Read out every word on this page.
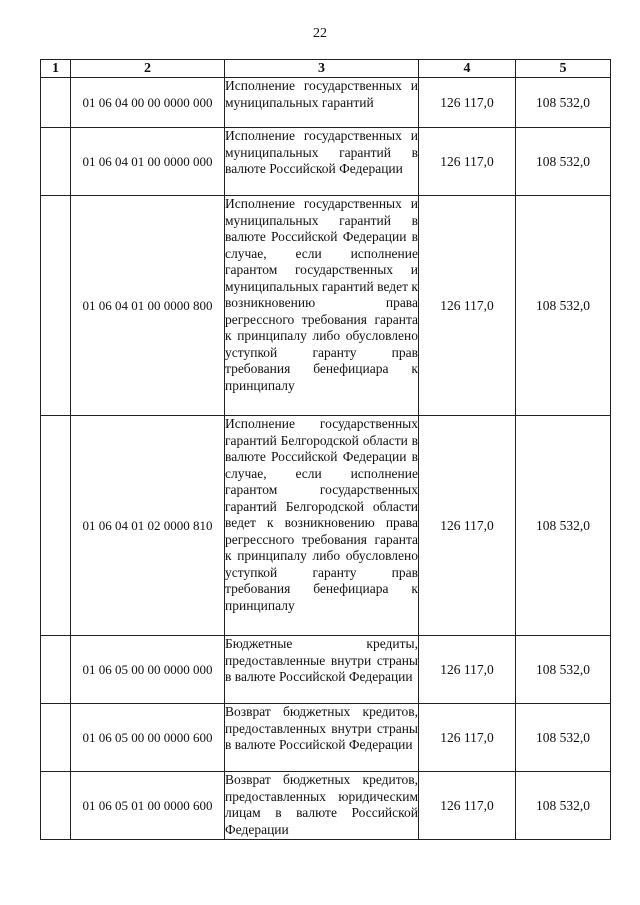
22
1	2	3	4	5
	01 06 04 00 00 0000 000	Исполнение государственных и муниципальных гарантий	126 117,0	108 532,0
	01 06 04 01 00 0000 000	Исполнение государственных и муниципальных гарантий в валюте Российской Федерации	126 117,0	108 532,0
	01 06 04 01 00 0000 800	Исполнение государственных и муниципальных гарантий в валюте Российской Федерации в случае, если исполнение гарантом государственных и муниципальных гарантий ведет к возникновению права регрессного требования гаранта к принципалу либо обусловлено уступкой гаранту прав требования бенефициара к принципалу	126 117,0	108 532,0
	01 06 04 01 02 0000 810	Исполнение государственных гарантий Белгородской области в валюте Российской Федерации в случае, если исполнение гарантом государственных гарантий Белгородской области ведет к возникновению права регрессного требования гаранта к принципалу либо обусловлено уступкой гаранту прав требования бенефициара к принципалу	126 117,0	108 532,0
	01 06 05 00 00 0000 000	Бюджетные кредиты, предоставленные внутри страны в валюте Российской Федерации	126 117,0	108 532,0
	01 06 05 00 00 0000 600	Возврат бюджетных кредитов, предоставленных внутри страны в валюте Российской Федерации	126 117,0	108 532,0
	01 06 05 01 00 0000 600	Возврат бюджетных кредитов, предоставленных юридическим лицам в валюте Российской Федерации	126 117,0	108 532,0
